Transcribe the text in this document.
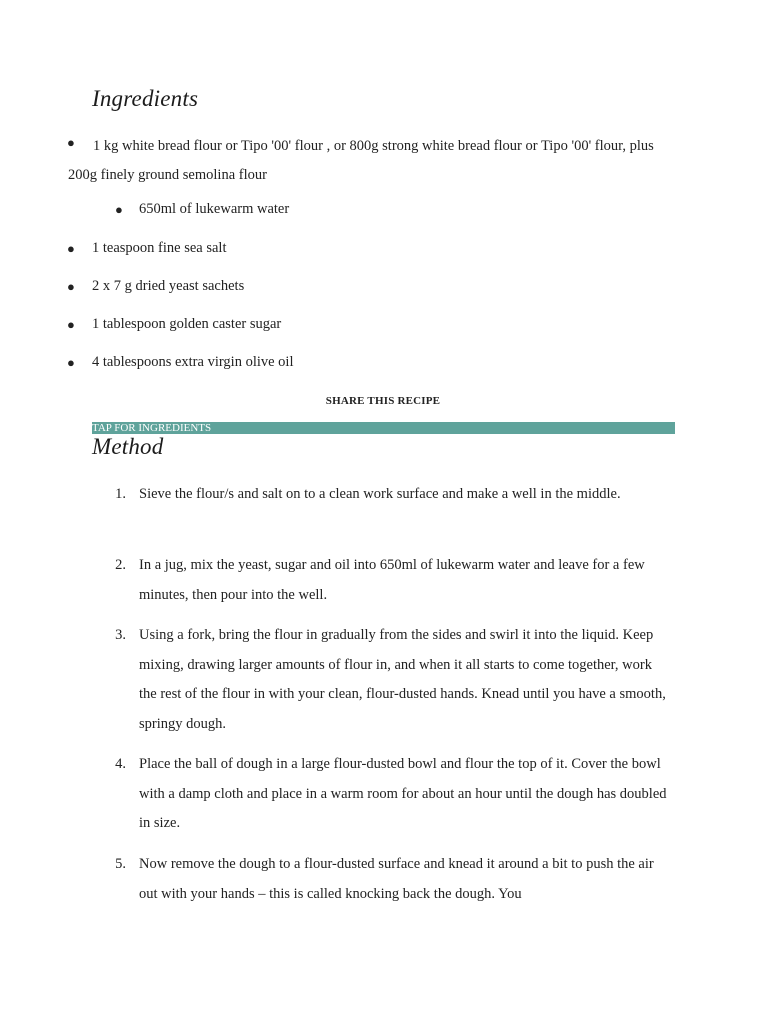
Ingredients
●	1 kg white bread flour or Tipo '00' flour , or 800g strong white bread flour or Tipo '00' flour, plus 200g finely ground semolina flour
● 650ml of lukewarm water
● 1 teaspoon fine sea salt
● 2 x 7 g dried yeast sachets
● 1 tablespoon golden caster sugar
● 4 tablespoons extra virgin olive oil
SHARE THIS RECIPE
TAP FOR INGREDIENTS
Method
1. Sieve the flour/s and salt on to a clean work surface and make a well in the middle.
2. In a jug, mix the yeast, sugar and oil into 650ml of lukewarm water and leave for a few minutes, then pour into the well.
3. Using a fork, bring the flour in gradually from the sides and swirl it into the liquid. Keep mixing, drawing larger amounts of flour in, and when it all starts to come together, work the rest of the flour in with your clean, flour-dusted hands. Knead until you have a smooth, springy dough.
4. Place the ball of dough in a large flour-dusted bowl and flour the top of it. Cover the bowl with a damp cloth and place in a warm room for about an hour until the dough has doubled in size.
5. Now remove the dough to a flour-dusted surface and knead it around a bit to push the air out with your hands – this is called knocking back the dough. You
